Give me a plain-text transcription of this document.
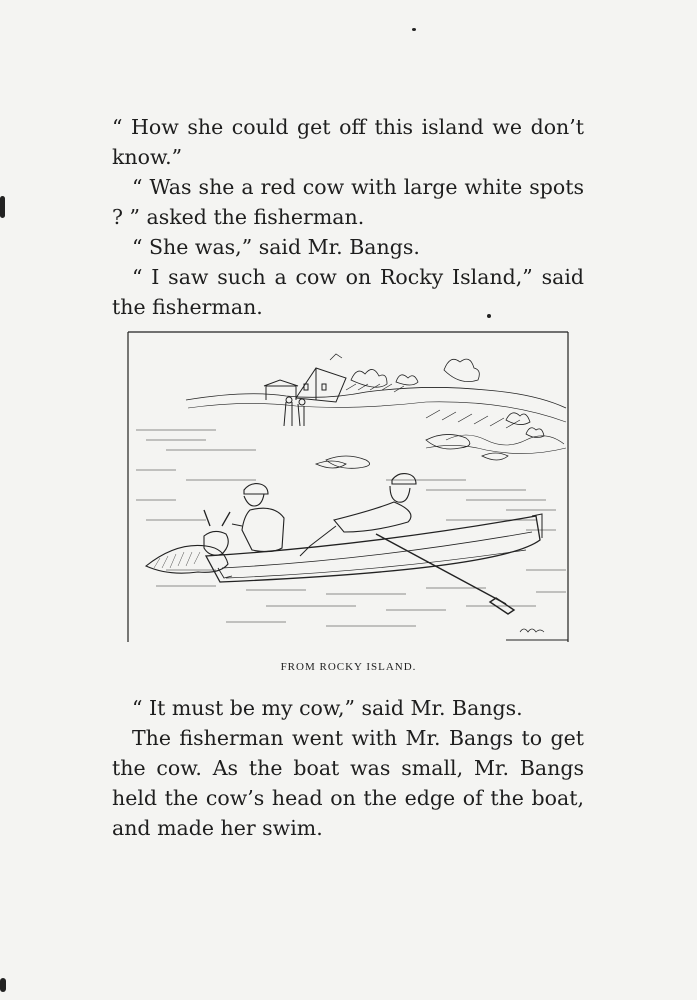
“ How she could get off this island we don’t know.”

“ Was she a red cow with large white spots ? ” asked the fisherman.

“ She was,” said Mr. Bangs.

“ I saw such a cow on Rocky Island,” said the fisherman.

FROM ROCKY ISLAND.

“ It must be my cow,” said Mr. Bangs.

The fisherman went with Mr. Bangs to get the cow. As the boat was small, Mr. Bangs held the cow’s head on the edge of the boat, and made her swim.
